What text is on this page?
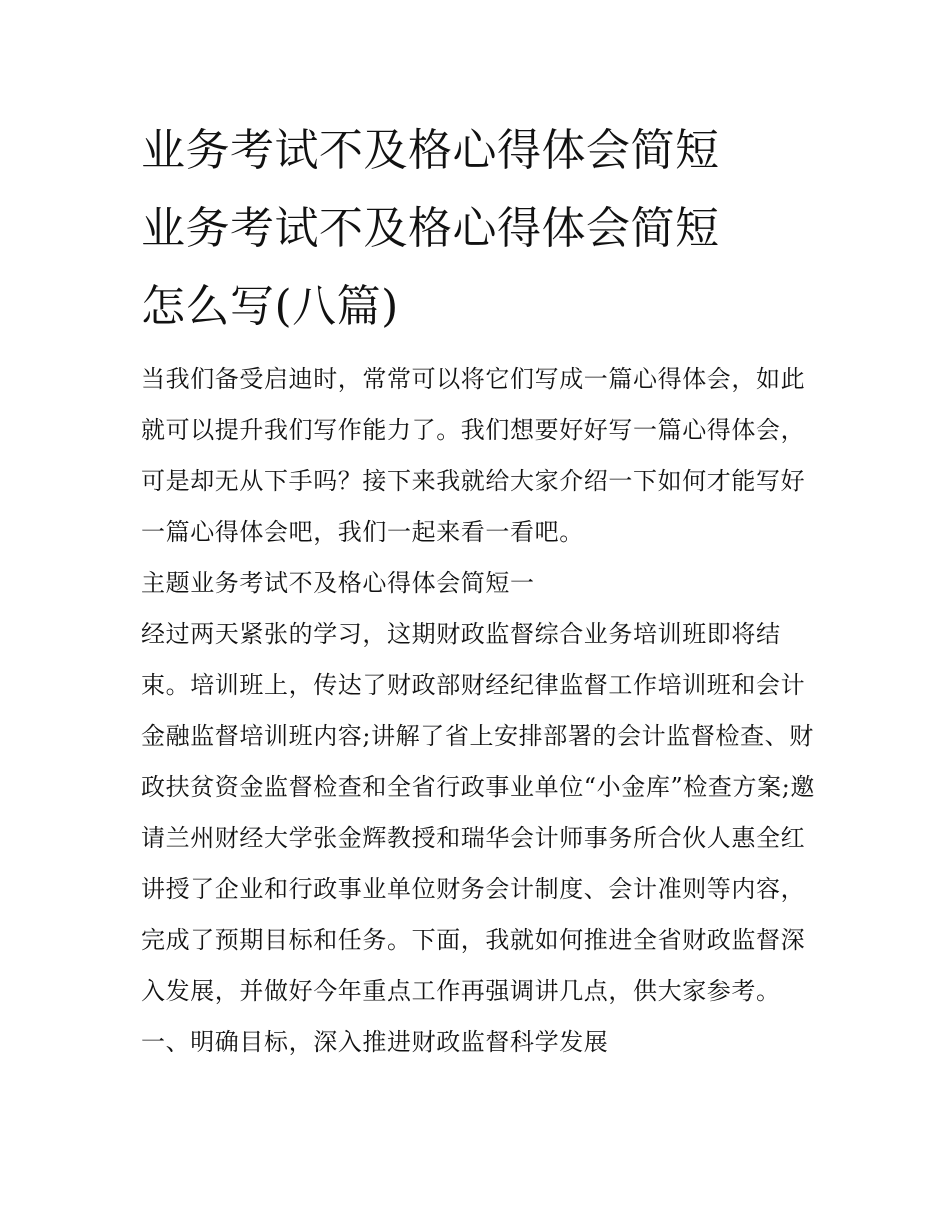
业务考试不及格心得体会简短
业务考试不及格心得体会简短
怎么写(八篇)

当我们备受启迪时，常常可以将它们写成一篇心得体会，如此就可以提升我们写作能力了。我们想要好好写一篇心得体会，可是却无从下手吗？接下来我就给大家介绍一下如何才能写好一篇心得体会吧，我们一起来看一看吧。

主题业务考试不及格心得体会简短一

经过两天紧张的学习，这期财政监督综合业务培训班即将结束。培训班上，传达了财政部财经纪律监督工作培训班和会计金融监督培训班内容;讲解了省上安排部署的会计监督检查、财政扶贫资金监督检查和全省行政事业单位“小金库”检查方案;邀请兰州财经大学张金辉教授和瑞华会计师事务所合伙人惠全红讲授了企业和行政事业单位财务会计制度、会计准则等内容，完成了预期目标和任务。下面，我就如何推进全省财政监督深入发展，并做好今年重点工作再强调讲几点，供大家参考。

一、明确目标，深入推进财政监督科学发展
